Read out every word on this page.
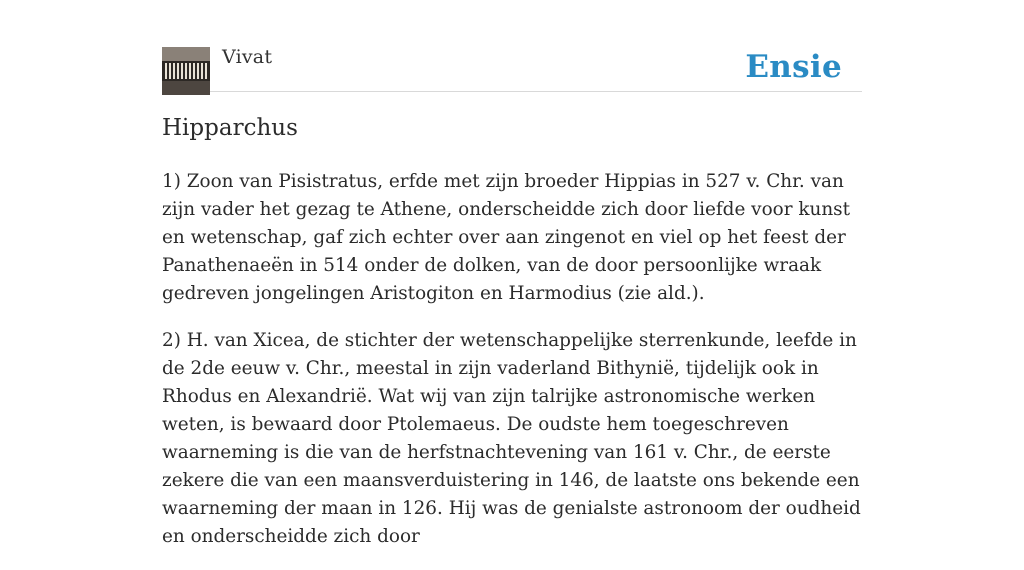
Vivat	Ensie
Hipparchus

1) Zoon van Pisistratus, erfde met zijn broeder Hippias in 527 v. Chr. van zijn vader het gezag te Athene, onderscheidde zich door liefde voor kunst en wetenschap, gaf zich echter over aan zingenot en viel op het feest der Panathenaeën in 514 onder de dolken, van de door persoonlijke wraak gedreven jongelingen Aristogiton en Harmodius (zie ald.).

2) H. van Xicea, de stichter der wetenschappelijke sterrenkunde, leefde in de 2de eeuw v. Chr., meestal in zijn vaderland Bithynië, tijdelijk ook in Rhodus en Alexandrië. Wat wij van zijn talrijke astronomische werken weten, is bewaard door Ptolemaeus. De oudste hem toegeschreven waarneming is die van de herfstnachtevening van 161 v. Chr., de eerste zekere die van een maansverduistering in 146, de laatste ons bekende een waarneming der maan in 126. Hij was de genialste astronoom der oudheid en onderscheidde zich door
